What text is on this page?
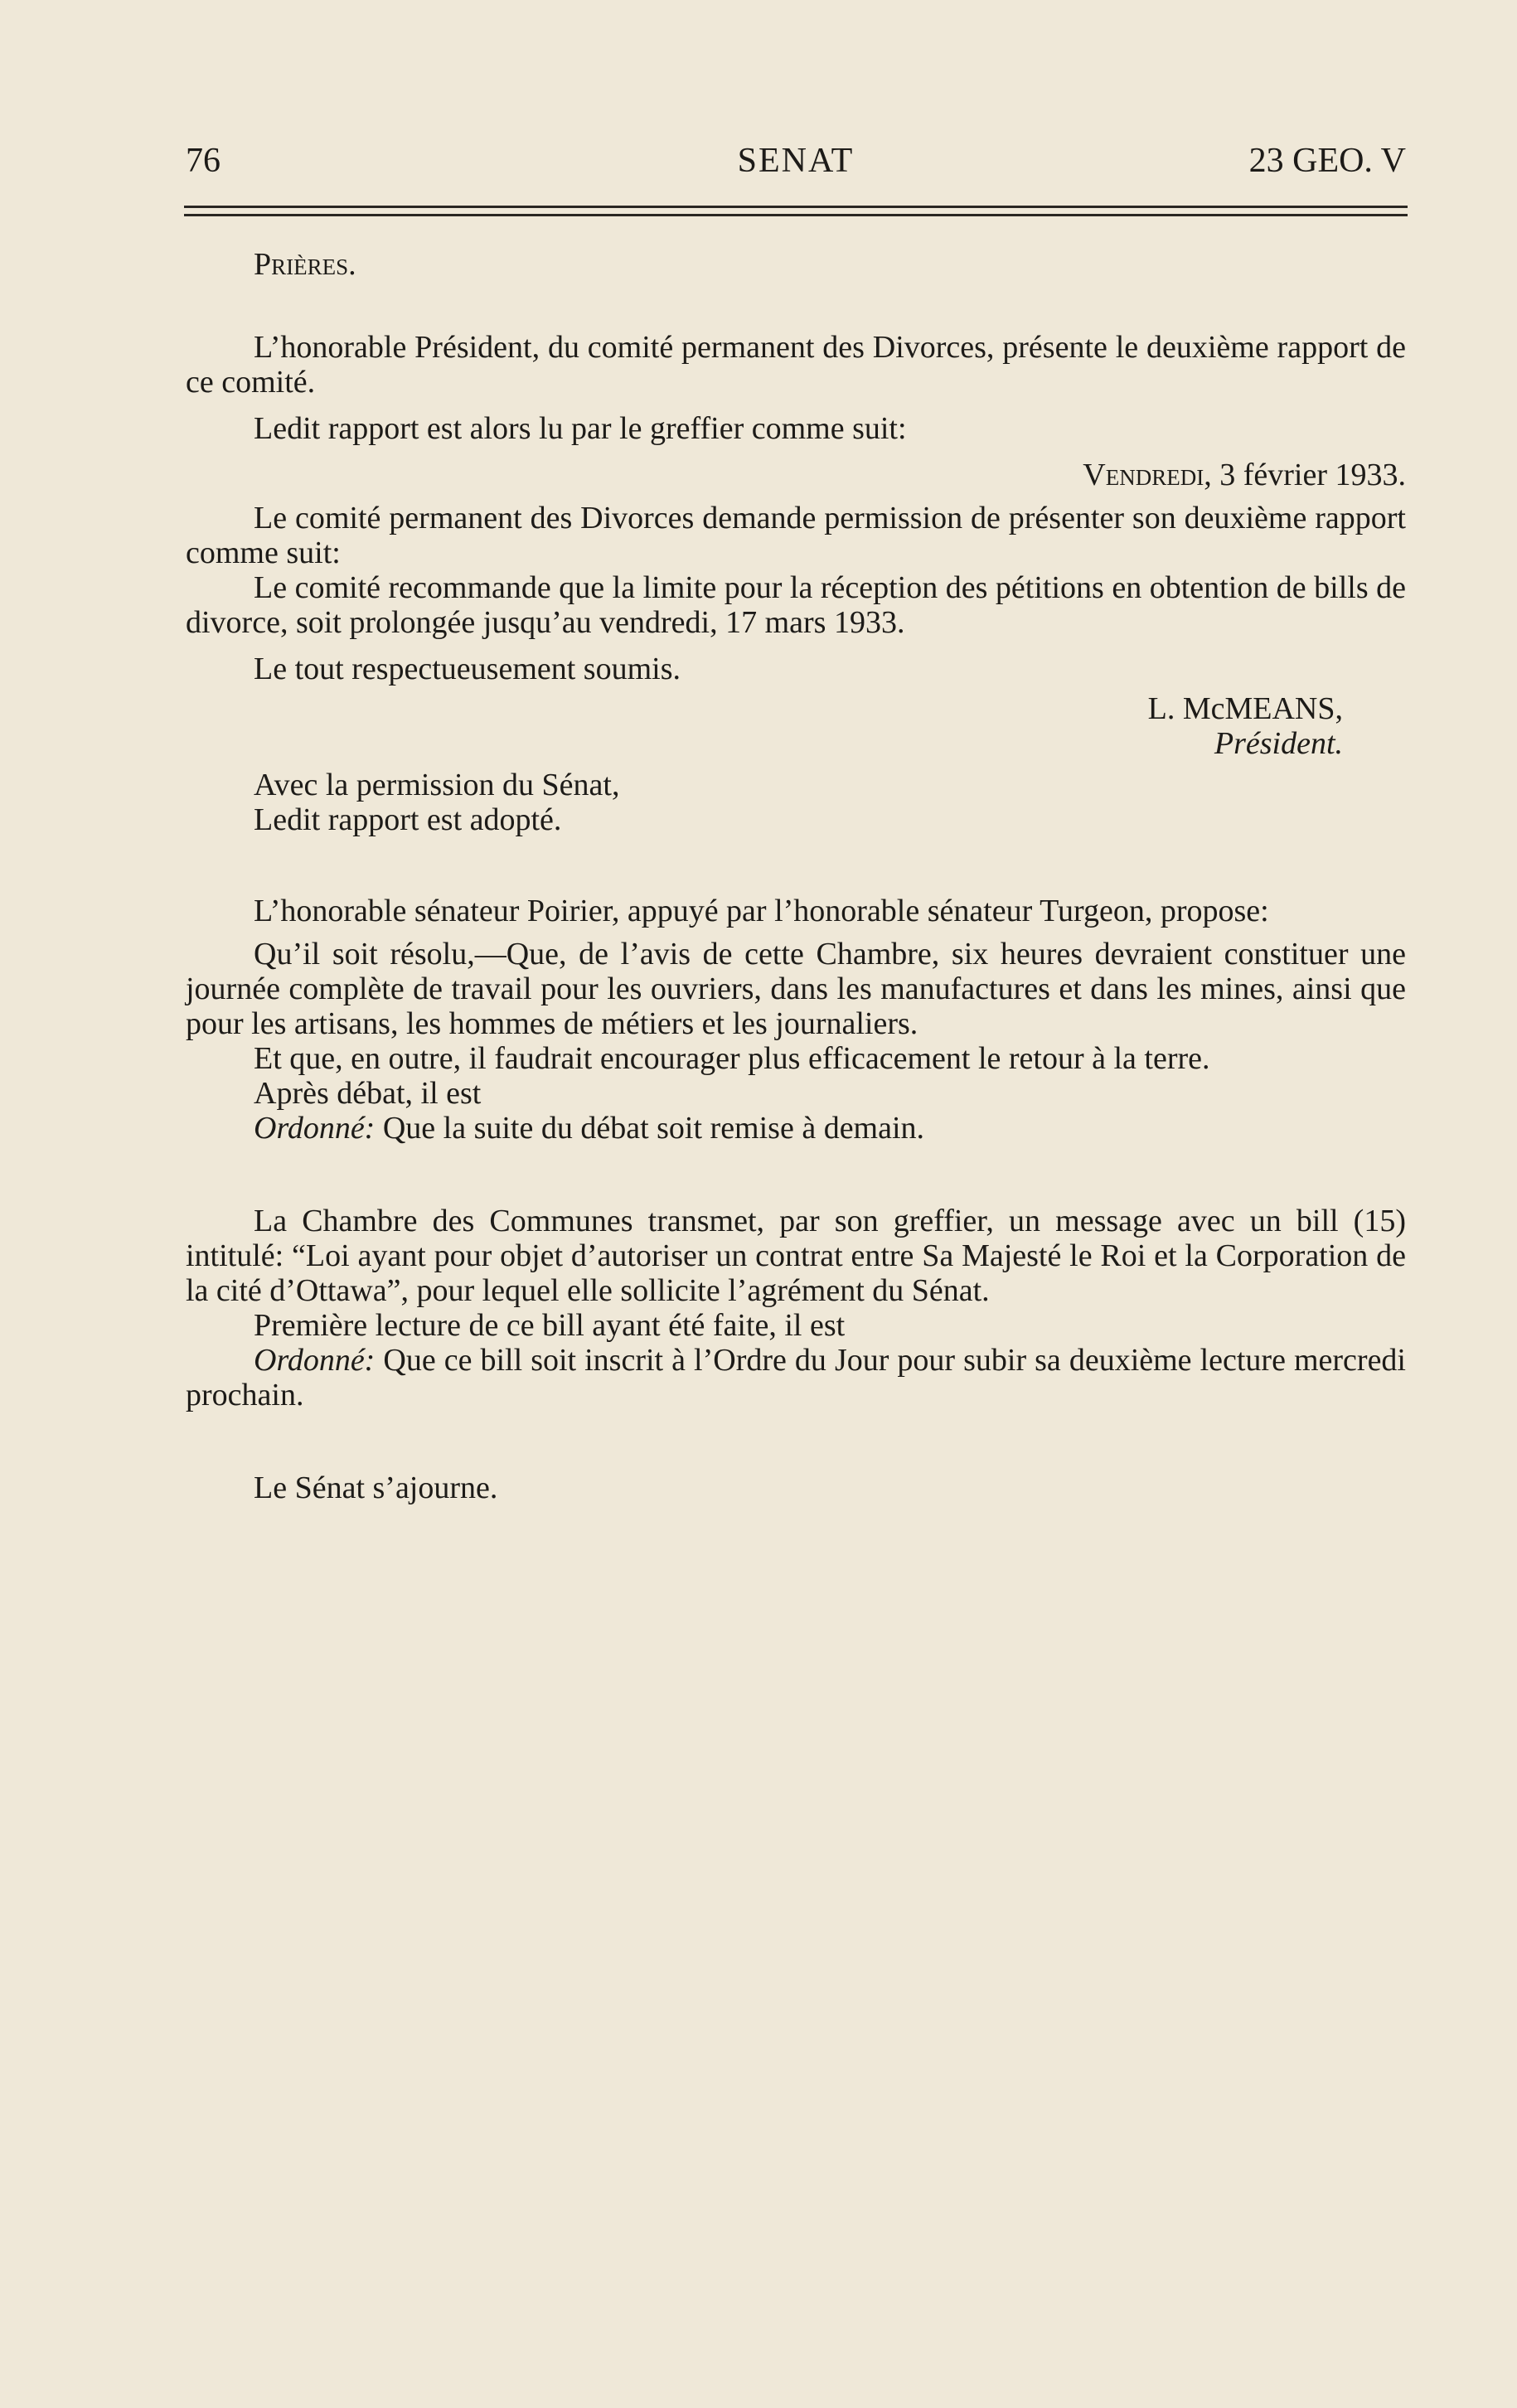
76	SENAT	23 GEO. V

Prières.

L’honorable Président, du comité permanent des Divorces, présente le deuxième rapport de ce comité.

Ledit rapport est alors lu par le greffier comme suit:

Vendredi, 3 février 1933.

Le comité permanent des Divorces demande permission de présenter son deuxième rapport comme suit:

Le comité recommande que la limite pour la réception des pétitions en obtention de bills de divorce, soit prolongée jusqu’au vendredi, 17 mars 1933.

Le tout respectueusement soumis.

L. McMEANS,

Président.

Avec la permission du Sénat,

Ledit rapport est adopté.

L’honorable sénateur Poirier, appuyé par l’honorable sénateur Turgeon, propose:

Qu’il soit résolu,—Que, de l’avis de cette Chambre, six heures devraient constituer une journée complète de travail pour les ouvriers, dans les manufactures et dans les mines, ainsi que pour les artisans, les hommes de métiers et les journaliers.

Et que, en outre, il faudrait encourager plus efficacement le retour à la terre.

Après débat, il est

Ordonné: Que la suite du débat soit remise à demain.

La Chambre des Communes transmet, par son greffier, un message avec un bill (15) intitulé: “Loi ayant pour objet d’autoriser un contrat entre Sa Majesté le Roi et la Corporation de la cité d’Ottawa”, pour lequel elle sollicite l’agrément du Sénat.

Première lecture de ce bill ayant été faite, il est

Ordonné: Que ce bill soit inscrit à l’Ordre du Jour pour subir sa deuxième lecture mercredi prochain.

Le Sénat s’ajourne.
